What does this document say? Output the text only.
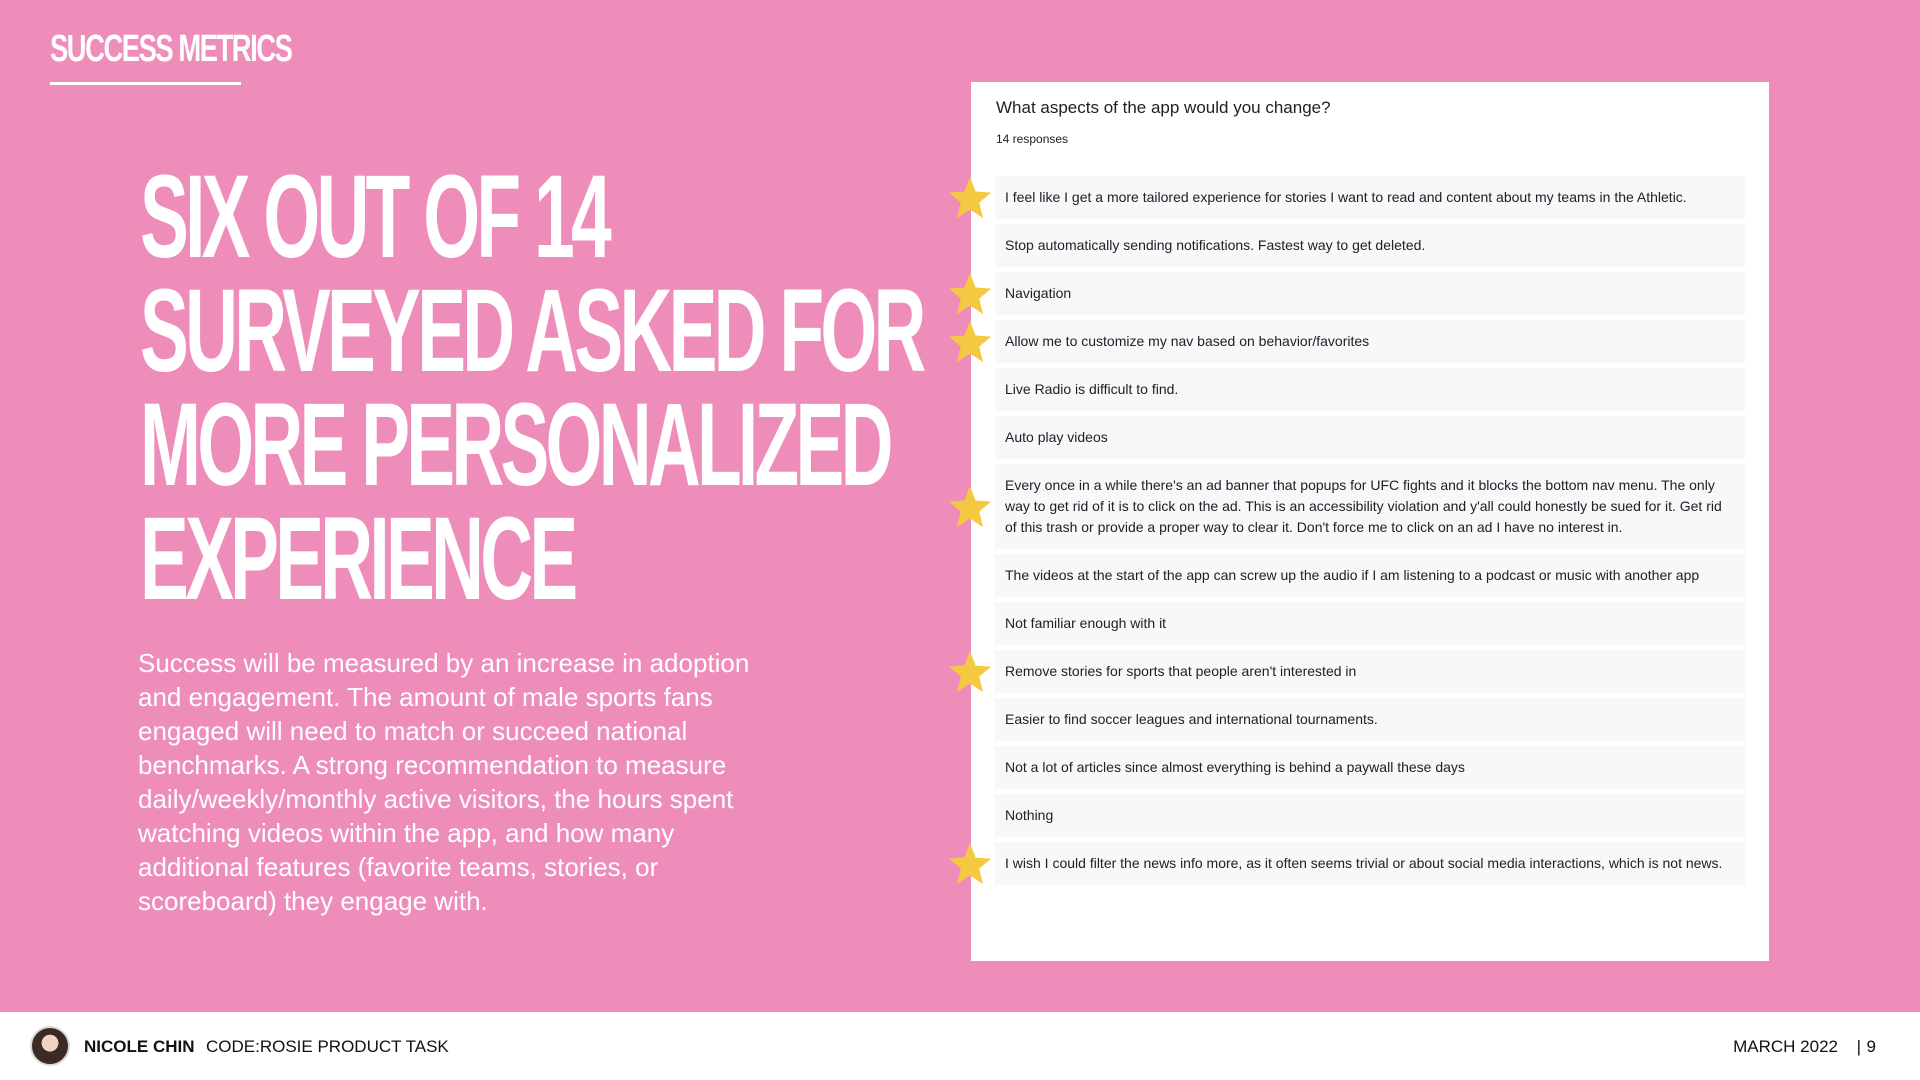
SUCCESS METRICS
SIX OUT OF 14
SURVEYED ASKED FOR
MORE PERSONALIZED
EXPERIENCE
Success will be measured by an increase in adoption and engagement. The amount of male sports fans engaged will need to match or succeed national benchmarks. A strong recommendation to measure daily/weekly/monthly active visitors, the hours spent watching videos within the app, and how many additional features (favorite teams, stories, or scoreboard) they engage with.
What aspects of the app would you change?
14 responses
I feel like I get a more tailored experience for stories I want to read and content about my teams in the Athletic.
Stop automatically sending notifications. Fastest way to get deleted.
Navigation
Allow me to customize my nav based on behavior/favorites
Live Radio is difficult to find.
Auto play videos
Every once in a while there's an ad banner that popups for UFC fights and it blocks the bottom nav menu. The only way to get rid of it is to click on the ad. This is an accessibility violation and y'all could honestly be sued for it. Get rid of this trash or provide a proper way to clear it. Don't force me to click on an ad I have no interest in.
The videos at the start of the app can screw up the audio if I am listening to a podcast or music with another app
Not familiar enough with it
Remove stories for sports that people aren't interested in
Easier to find soccer leagues and international tournaments.
Not a lot of articles since almost everything is behind a paywall these days
Nothing
I wish I could filter the news info more, as it often seems trivial or about social media interactions, which is not news.
NICOLE CHIN CODE:ROSIE PRODUCT TASK	MARCH 2022 | 9
